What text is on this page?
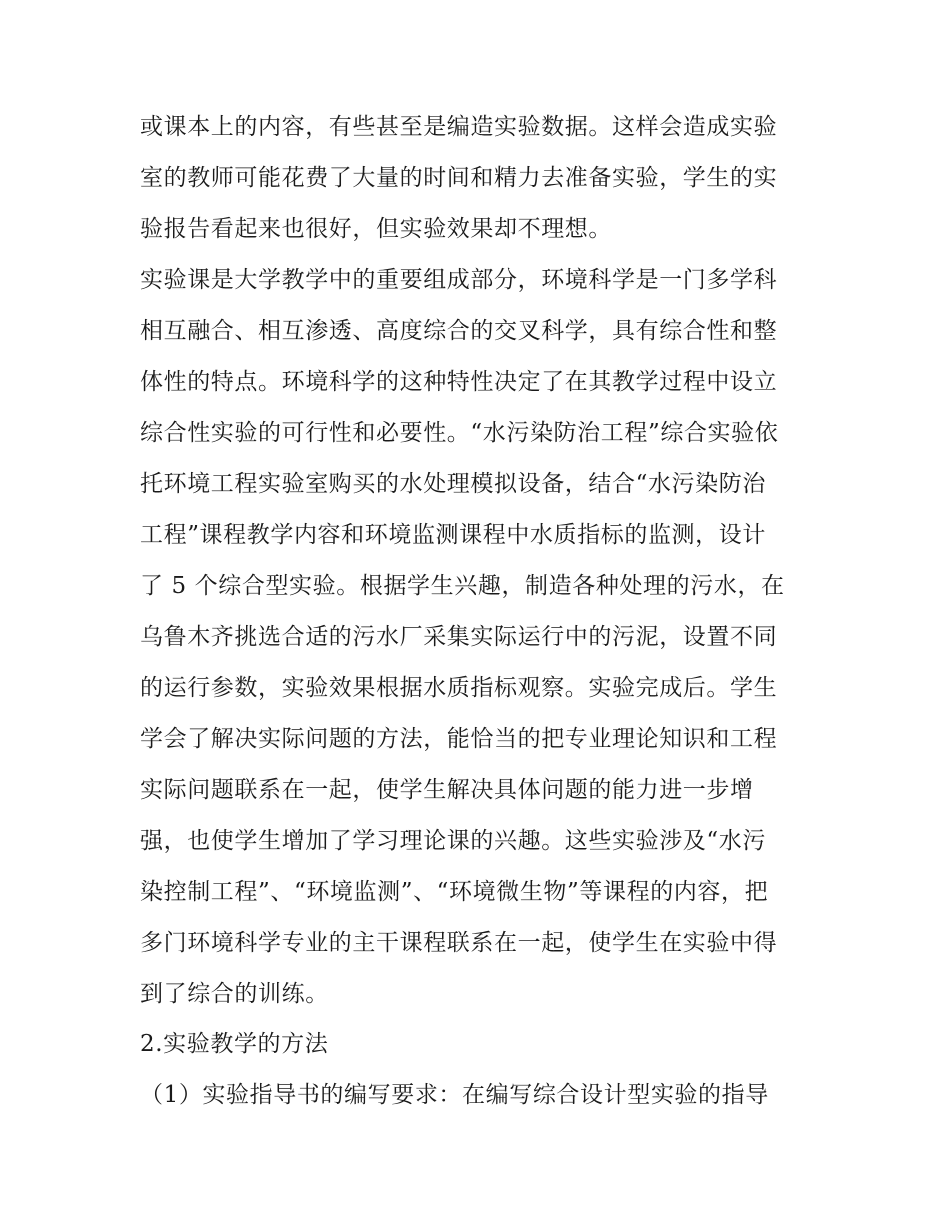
或课本上的内容，有些甚至是编造实验数据。这样会造成实验
室的教师可能花费了大量的时间和精力去准备实验，学生的实
验报告看起来也很好，但实验效果却不理想。
实验课是大学教学中的重要组成部分，环境科学是一门多学科
相互融合、相互渗透、高度综合的交叉科学，具有综合性和整
体性的特点。环境科学的这种特性决定了在其教学过程中设立
综合性实验的可行性和必要性。“水污染防治工程”综合实验依
托环境工程实验室购买的水处理模拟设备，结合“水污染防治
工程”课程教学内容和环境监测课程中水质指标的监测，设计
了 5 个综合型实验。根据学生兴趣，制造各种处理的污水，在
乌鲁木齐挑选合适的污水厂采集实际运行中的污泥，设置不同
的运行参数，实验效果根据水质指标观察。实验完成后。学生
学会了解决实际问题的方法，能恰当的把专业理论知识和工程
实际问题联系在一起，使学生解决具体问题的能力进一步增
强，也使学生增加了学习理论课的兴趣。这些实验涉及“水污
染控制工程”、“环境监测”、“环境微生物”等课程的内容，把
多门环境科学专业的主干课程联系在一起，使学生在实验中得
到了综合的训练。
2.实验教学的方法
（1）实验指导书的编写要求：在编写综合设计型实验的指导
